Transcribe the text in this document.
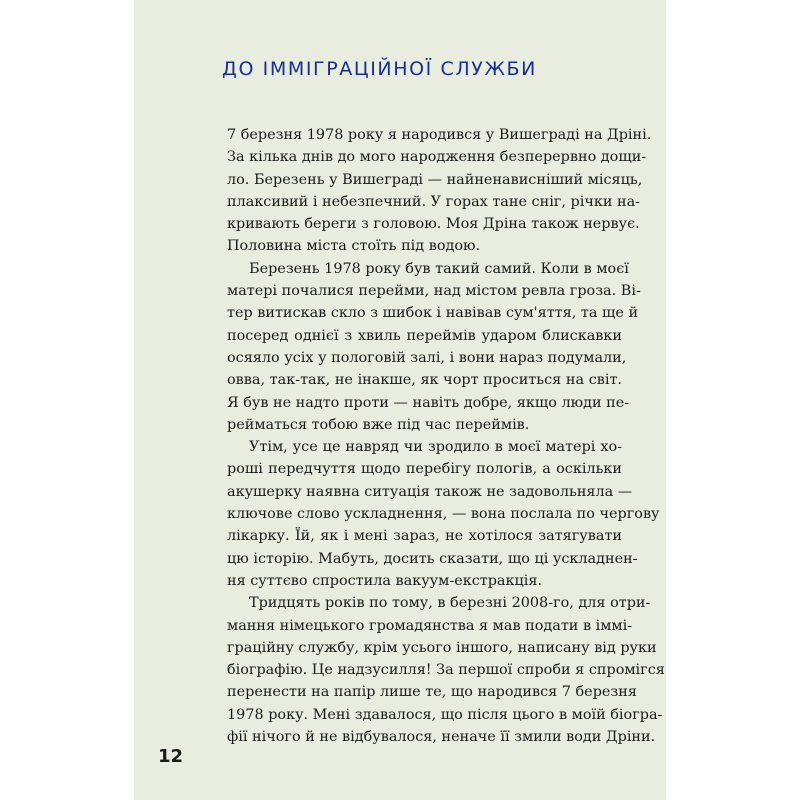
ДО ІММІГРАЦІЙНОЇ СЛУЖБИ
7 березня 1978 року я народився у Вишеграді на Дріні.
За кілька днів до мого народження безперервно дощи-
ло. Березень у Вишеграді — найненависніший місяць,
плаксивий і небезпечний. У горах тане сніг, річки на-
кривають береги з головою. Моя Дріна також нервує.
Половина міста стоїть під водою.
Березень 1978 року був такий самий. Коли в моєї
матері почалися перейми, над містом ревла гроза. Ві-
тер витискав скло з шибок і навівав сум'яття, та ще й
посеред однієї з хвиль переймів ударом блискавки
осяяло усіх у пологовій залі, і вони нараз подумали,
овва, так-так, не інакше, як чорт проситься на світ.
Я був не надто проти — навіть добре, якщо люди пе-
рейматься тобою вже під час переймів.
Утім, усе це навряд чи зродило в моєї матері хо-
роші передчуття щодо перебігу пологів, а оскільки
акушерку наявна ситуація також не задовольняла —
ключове слово ускладнення, — вона послала по чергову
лікарку. Їй, як і мені зараз, не хотілося затягувати
цю історію. Мабуть, досить сказати, що ці ускладнен-
ня суттєво спростила вакуум-екстракція.
Тридцять років по тому, в березні 2008-го, для отри-
мання німецького громадянства я мав подати в іммі-
граційну службу, крім усього іншого, написану від руки
біографію. Це надзусилля! За першої спроби я спромігся
перенести на папір лише те, що народився 7 березня
1978 року. Мені здавалося, що після цього в моїй біогра-
фії нічого й не відбувалося, неначе її змили води Дріни.
12
